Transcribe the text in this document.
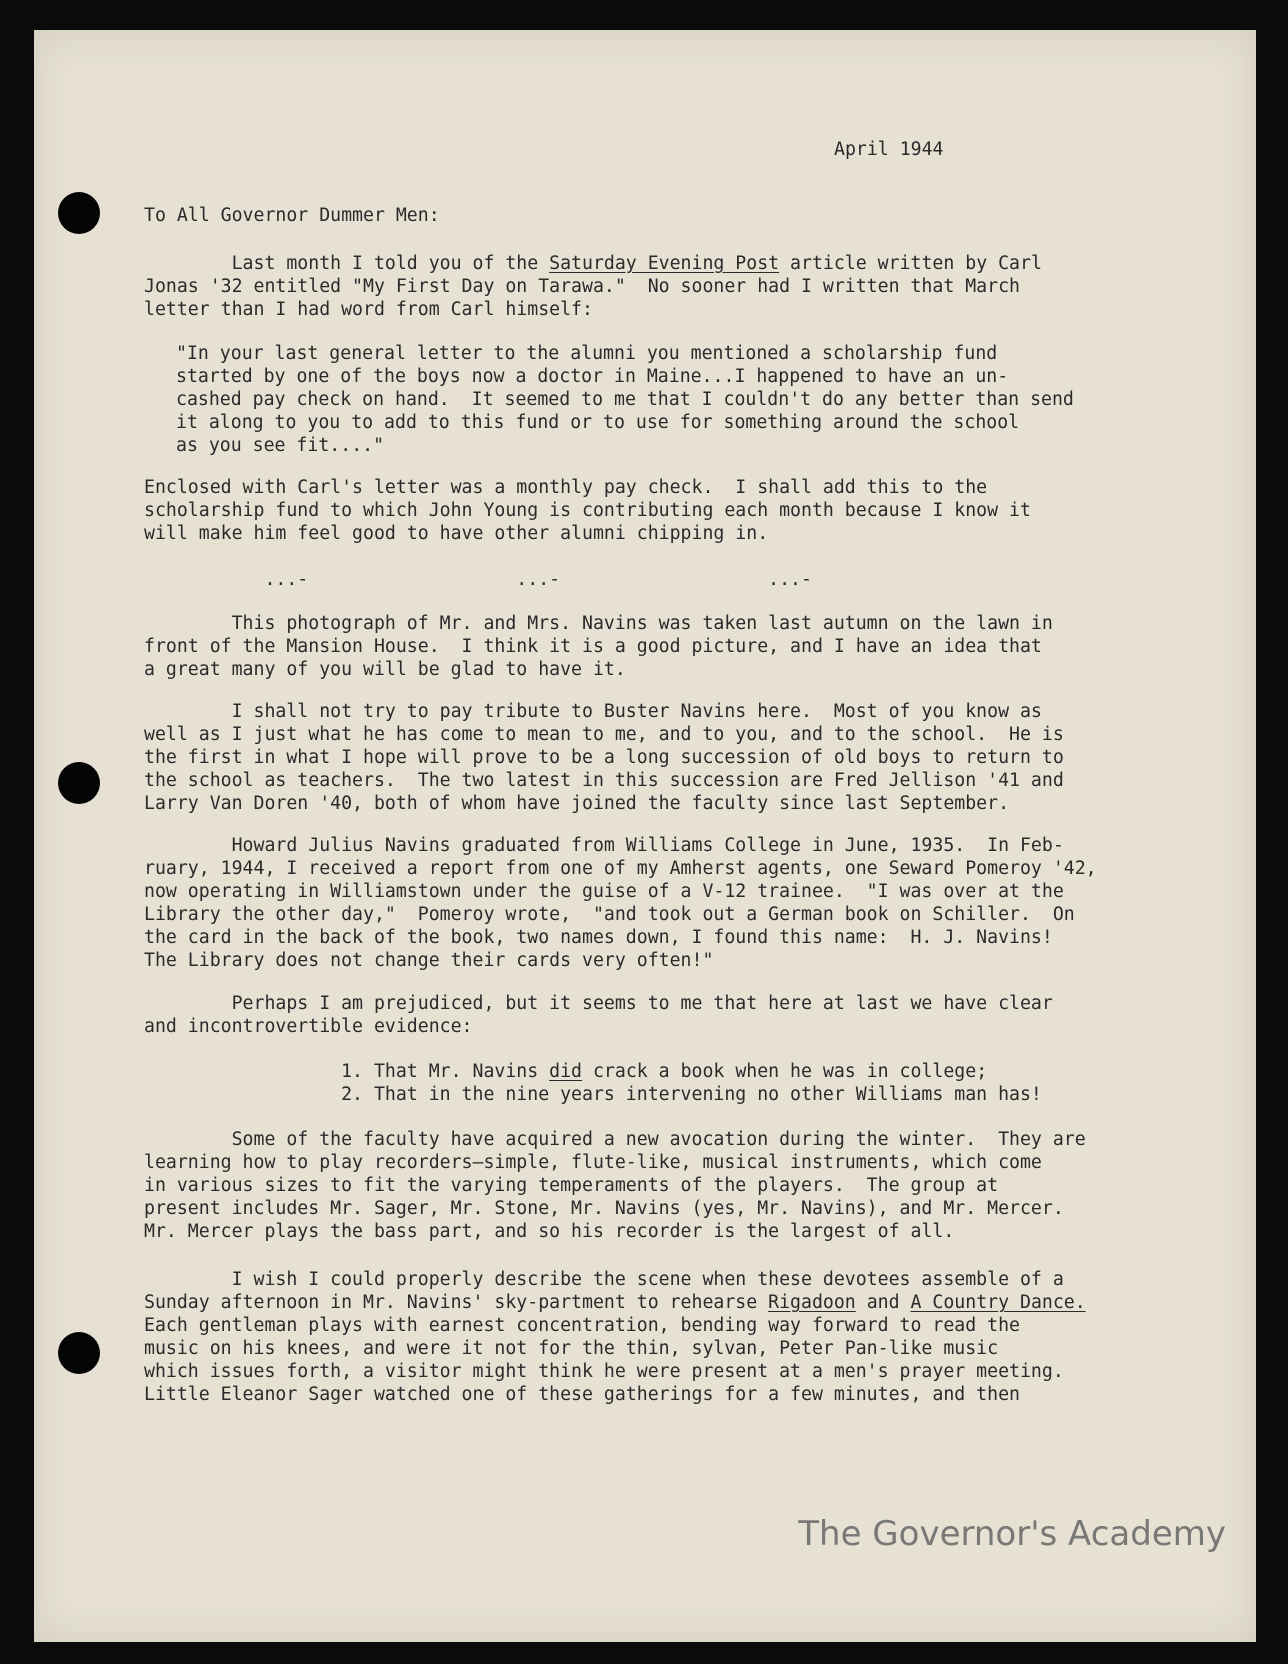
April 1944
To All Governor Dummer Men:
Last month I told you of the Saturday Evening Post article written by Carl
Jonas '32 entitled "My First Day on Tarawa."  No sooner had I written that March
letter than I had word from Carl himself:
"In your last general letter to the alumni you mentioned a scholarship fund
started by one of the boys now a doctor in Maine...I happened to have an un-
cashed pay check on hand.  It seemed to me that I couldn't do any better than send
it along to you to add to this fund or to use for something around the school
as you see fit...."
Enclosed with Carl's letter was a monthly pay check.  I shall add this to the
scholarship fund to which John Young is contributing each month because I know it
will make him feel good to have other alumni chipping in.
...-                   ...-                   ...-
This photograph of Mr. and Mrs. Navins was taken last autumn on the lawn in
front of the Mansion House.  I think it is a good picture, and I have an idea that
a great many of you will be glad to have it.
I shall not try to pay tribute to Buster Navins here.  Most of you know as
well as I just what he has come to mean to me, and to you, and to the school.  He is
the first in what I hope will prove to be a long succession of old boys to return to
the school as teachers.  The two latest in this succession are Fred Jellison '41 and
Larry Van Doren '40, both of whom have joined the faculty since last September.
Howard Julius Navins graduated from Williams College in June, 1935.  In Feb-
ruary, 1944, I received a report from one of my Amherst agents, one Seward Pomeroy '42,
now operating in Williamstown under the guise of a V-12 trainee.  "I was over at the
Library the other day,"  Pomeroy wrote,  "and took out a German book on Schiller.  On
the card in the back of the book, two names down, I found this name:  H. J. Navins!
The Library does not change their cards very often!"
Perhaps I am prejudiced, but it seems to me that here at last we have clear
and incontrovertible evidence:
1. That Mr. Navins did crack a book when he was in college;
2. That in the nine years intervening no other Williams man has!
Some of the faculty have acquired a new avocation during the winter.  They are
learning how to play recorders—simple, flute-like, musical instruments, which come
in various sizes to fit the varying temperaments of the players.  The group at
present includes Mr. Sager, Mr. Stone, Mr. Navins (yes, Mr. Navins), and Mr. Mercer.
Mr. Mercer plays the bass part, and so his recorder is the largest of all.
I wish I could properly describe the scene when these devotees assemble of a
Sunday afternoon in Mr. Navins' sky-partment to rehearse Rigadoon and A Country Dance.
Each gentleman plays with earnest concentration, bending way forward to read the
music on his knees, and were it not for the thin, sylvan, Peter Pan-like music
which issues forth, a visitor might think he were present at a men's prayer meeting.
Little Eleanor Sager watched one of these gatherings for a few minutes, and then
The Governor's Academy
